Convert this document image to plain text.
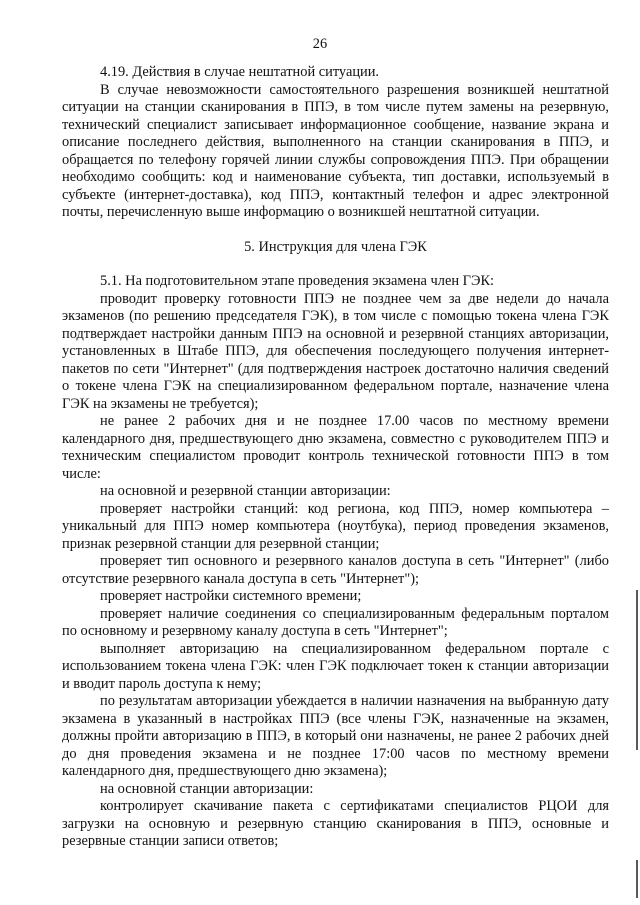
26

4.19. Действия в случае нештатной ситуации.

В случае невозможности самостоятельного разрешения возникшей нештатной ситуации на станции сканирования в ППЭ, в том числе путем замены на резервную, технический специалист записывает информационное сообщение, название экрана и описание последнего действия, выполненного на станции сканирования в ППЭ, и обращается по телефону горячей линии службы сопровождения ППЭ. При обращении необходимо сообщить: код и наименование субъекта, тип доставки, используемый в субъекте (интернет-доставка), код ППЭ, контактный телефон и адрес электронной почты, перечисленную выше информацию о возникшей нештатной ситуации.

5. Инструкция для члена ГЭК

5.1. На подготовительном этапе проведения экзамена член ГЭК:

проводит проверку готовности ППЭ не позднее чем за две недели до начала экзаменов (по решению председателя ГЭК), в том числе с помощью токена члена ГЭК подтверждает настройки данным ППЭ на основной и резервной станциях авторизации, установленных в Штабе ППЭ, для обеспечения последующего получения интернет-пакетов по сети "Интернет" (для подтверждения настроек достаточно наличия сведений о токене члена ГЭК на специализированном федеральном портале, назначение члена ГЭК на экзамены не требуется);

не ранее 2 рабочих дня и не позднее 17.00 часов по местному времени календарного дня, предшествующего дню экзамена, совместно с руководителем ППЭ и техническим специалистом проводит контроль технической готовности ППЭ в том числе:

на основной и резервной станции авторизации:

проверяет настройки станций: код региона, код ППЭ, номер компьютера – уникальный для ППЭ номер компьютера (ноутбука), период проведения экзаменов, признак резервной станции для резервной станции;

проверяет тип основного и резервного каналов доступа в сеть "Интернет" (либо отсутствие резервного канала доступа в сеть "Интернет");

проверяет настройки системного времени;

проверяет наличие соединения со специализированным федеральным порталом по основному и резервному каналу доступа в сеть "Интернет";

выполняет авторизацию на специализированном федеральном портале с использованием токена члена ГЭК: член ГЭК подключает токен к станции авторизации и вводит пароль доступа к нему;

по результатам авторизации убеждается в наличии назначения на выбранную дату экзамена в указанный в настройках ППЭ (все члены ГЭК, назначенные на экзамен, должны пройти авторизацию в ППЭ, в который они назначены, не ранее 2 рабочих дней до дня проведения экзамена и не позднее 17:00 часов по местному времени календарного дня, предшествующего дню экзамена);

на основной станции авторизации:

контролирует скачивание пакета с сертификатами специалистов РЦОИ для загрузки на основную и резервную станцию сканирования в ППЭ, основные и резервные станции записи ответов;
